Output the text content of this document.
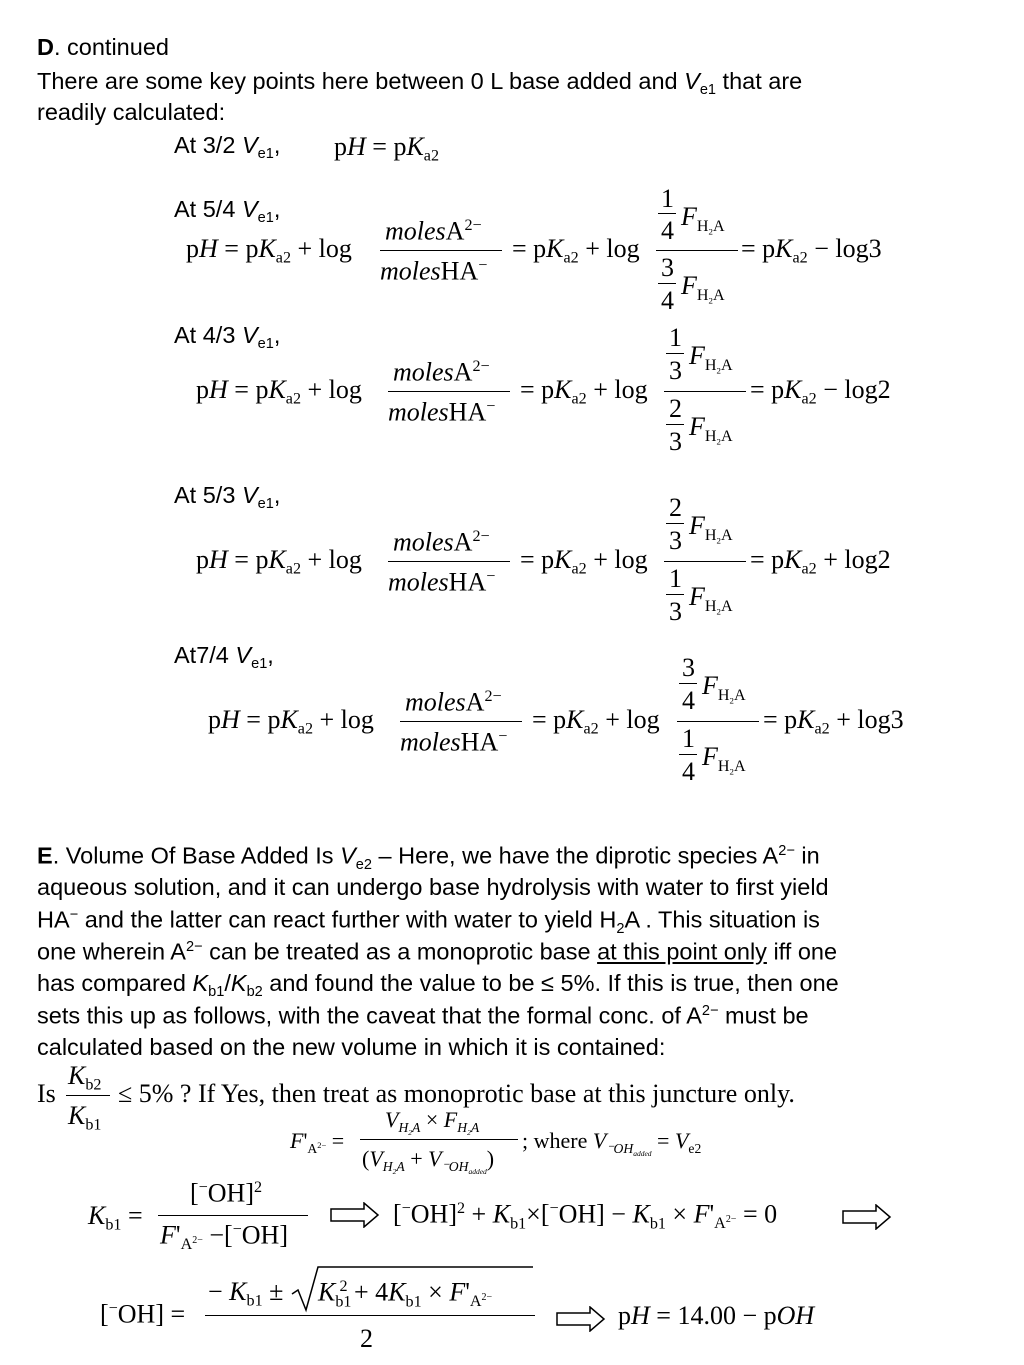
D. continued
There are some key points here between 0 L base added and $V_{e1}$ that are
readily calculated:
At 3/2 $V_{e1}$, pH = $pK_{a2}$
At 5/4 $V_{e1}$,
pH = $pK_{a2} + \log$
molesA$^{2-}$
molesHA−
= $pK_{a2} + \log$
1
4 $F_{H_2A}$
3
4
$F_{H_2A}$
= $pK_{a2} - \log 3$
At 4/3 $V_{e1}$,
pH = $pK_{a2} + \log$
molesA$^{2-}$
molesHA−
= $pK_{a2} + \log$
1
3
$F_{H_2A}$
2
3
$F_{H_2A}$
= $pK_{a2} - \log 2$
At 5/3 $V_{e1}$,
pH = $pK_{a2} + \log$
molesA$^{2-}$
molesHA−
= $pK_{a2} + \log$
2
3
$F_{H_2A}$
1
3
$F_{H_2A}$
= $pK_{a2} + \log 2$
At7/4 $V_{e1}$,
pH = $pK_{a2} + \log$
molesA$^{2-}$
molesHA−
= $pK_{a2} + \log$
3
4
$F_{H_2A}$
1
4
$F_{H_2A}$
= $pK_{a2} + \log 3$
E. Volume Of Base Added Is $V_{e2}$ – Here, we have the diprotic species $A^{2-}$ in
aqueous solution, and it can undergo base hydrolysis with water to first yield
HA− and the latter can react further with water to yield $H_2A$ . This situation is
one wherein $A^{2-}$ can be treated as a monoprotic base at this point only iff one
has compared $K_{b1}/K_{b2}$ and found the value to be ≤ 5%. If this is true, then one
sets this up as follows, with the caveat that the formal conc. of $A^{2-}$ must be
calculated based on the new volume in which it is contained:
Is
$K_{b2}$
$K_{b1}$
≤ 5% ? If Yes, then treat as monoprotic base at this juncture only.
$F'_{A^{2-}}$ =
$V_{H_2A} \times F_{H_2A}$
$(V_{H_2A} + V_{^-OH_{added}})$
; where $V_{^-OH_{added}} = V_{e2}$
$K_{b1}$ =
$[^-OH]^2$
$F'_{A^{2-}} -[^-OH]$
$[^-OH]^2 + K_{b1}\times[^-OH] - K_{b1} \times F'_{A^{2-}} = 0$
[−OH] =
− $K_{b1} \pm K_{b1}^2 + 4K_{b1} \times F'_{A^{2-}}$
2
pH = 14.00 − pOH
